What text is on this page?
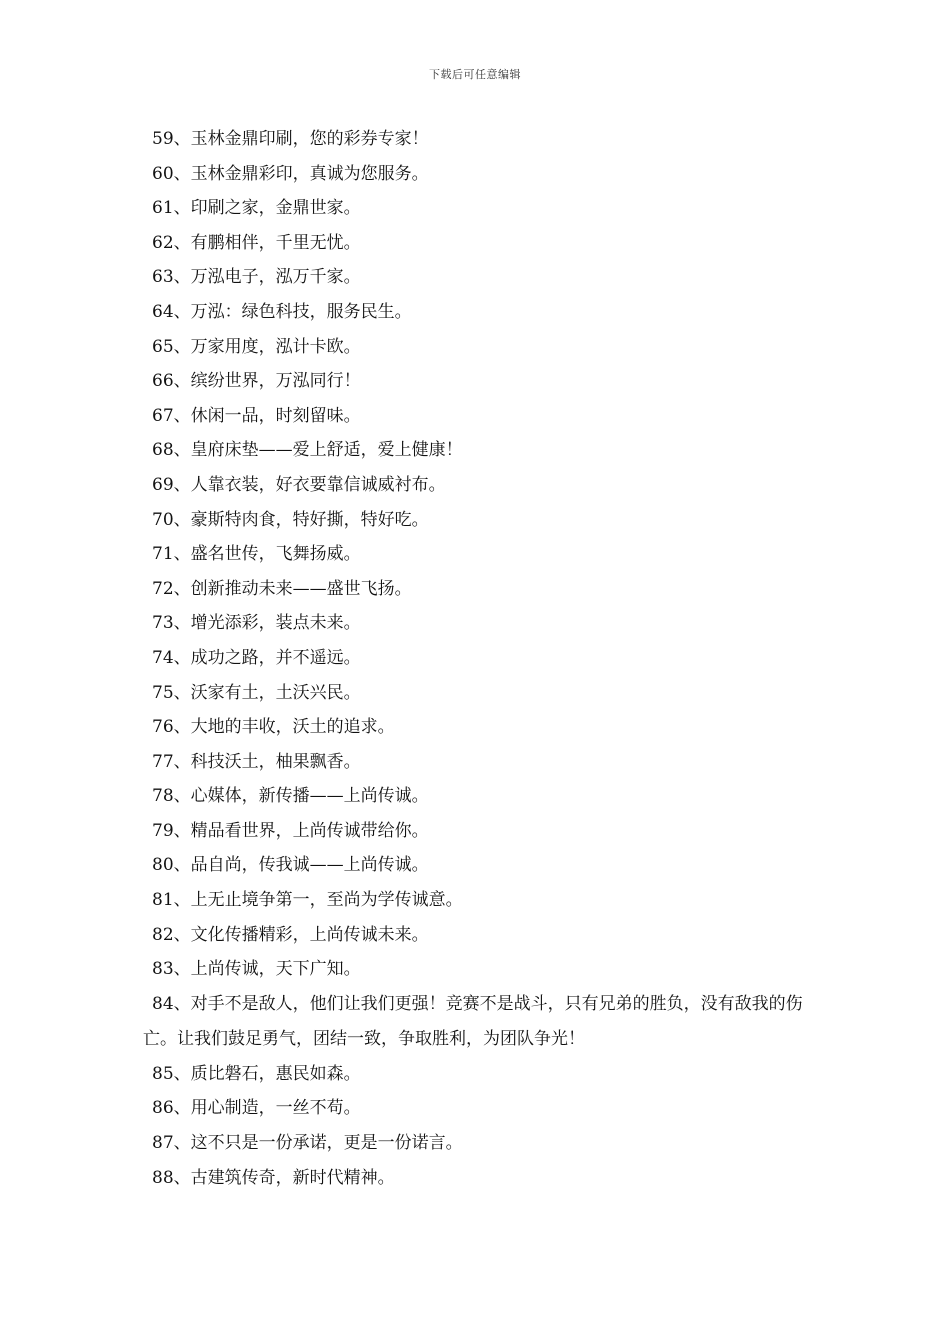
下载后可任意编辑
59、玉林金鼎印刷，您的彩券专家！
60、玉林金鼎彩印，真诚为您服务。
61、印刷之家，金鼎世家。
62、有鹏相伴，千里无忧。
63、万泓电子，泓万千家。
64、万泓：绿色科技，服务民生。
65、万家用度，泓计卡欧。
66、缤纷世界，万泓同行！
67、休闲一品，时刻留味。
68、皇府床垫——爱上舒适，爱上健康！
69、人靠衣装，好衣要靠信诚威衬布。
70、豪斯特肉食，特好撕，特好吃。
71、盛名世传，飞舞扬威。
72、创新推动未来——盛世飞扬。
73、增光添彩，装点未来。
74、成功之路，并不遥远。
75、沃家有土，土沃兴民。
76、大地的丰收，沃土的追求。
77、科技沃土，柚果飘香。
78、心媒体，新传播——上尚传诚。
79、精品看世界，上尚传诚带给你。
80、品自尚，传我诚——上尚传诚。
81、上无止境争第一，至尚为学传诚意。
82、文化传播精彩，上尚传诚未来。
83、上尚传诚，天下广知。
84、对手不是敌人，他们让我们更强！竞赛不是战斗，只有兄弟的胜负，没有敌我的伤亡。让我们鼓足勇气，团结一致，争取胜利，为团队争光！
85、质比磐石，惠民如森。
86、用心制造，一丝不苟。
87、这不只是一份承诺，更是一份诺言。
88、古建筑传奇，新时代精神。
